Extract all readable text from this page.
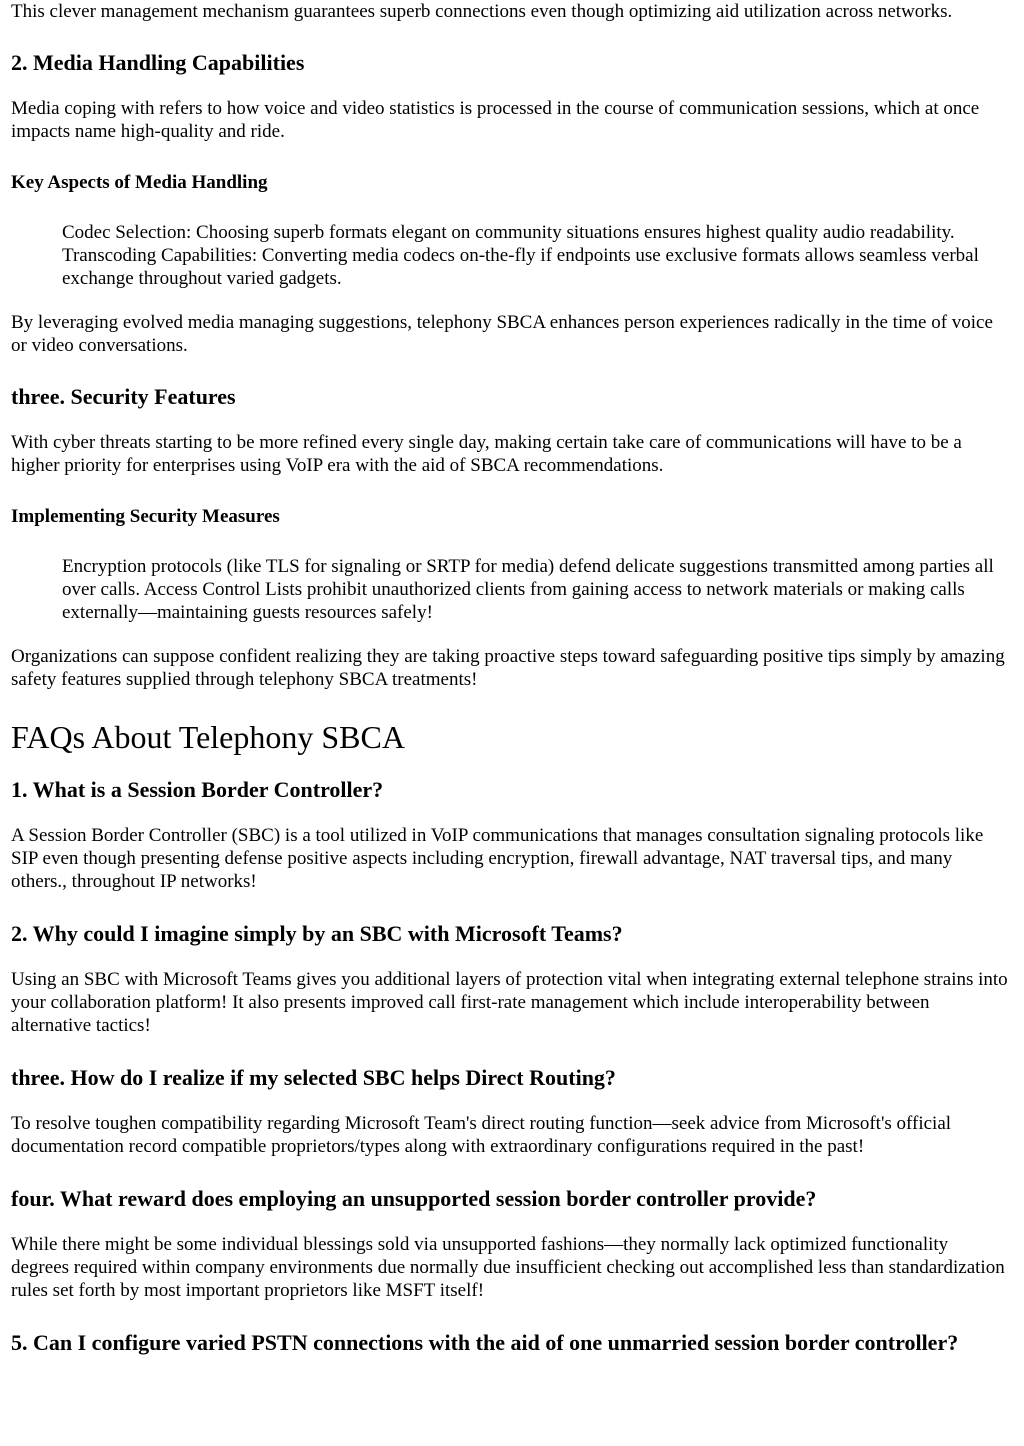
This clever management mechanism guarantees superb connections even though optimizing aid utilization across networks.

2. Media Handling Capabilities

Media coping with refers to how voice and video statistics is processed in the course of communication sessions, which at once impacts name high-quality and ride.

Key Aspects of Media Handling
Codec Selection: Choosing superb formats elegant on community situations ensures highest quality audio readability. Transcoding Capabilities: Converting media codecs on-the-fly if endpoints use exclusive formats allows seamless verbal exchange throughout varied gadgets.

By leveraging evolved media managing suggestions, telephony SBCA enhances person experiences radically in the time of voice or video conversations.

three. Security Features

With cyber threats starting to be more refined every single day, making certain take care of communications will have to be a higher priority for enterprises using VoIP era with the aid of SBCA recommendations.

Implementing Security Measures
Encryption protocols (like TLS for signaling or SRTP for media) defend delicate suggestions transmitted among parties all over calls. Access Control Lists prohibit unauthorized clients from gaining access to network materials or making calls externally—maintaining guests resources safely!

Organizations can suppose confident realizing they are taking proactive steps toward safeguarding positive tips simply by amazing safety features supplied through telephony SBCA treatments!

FAQs About Telephony SBCA
1. What is a Session Border Controller?

A Session Border Controller (SBC) is a tool utilized in VoIP communications that manages consultation signaling protocols like SIP even though presenting defense positive aspects including encryption, firewall advantage, NAT traversal tips, and many others., throughout IP networks!

2. Why could I imagine simply by an SBC with Microsoft Teams?

Using an SBC with Microsoft Teams gives you additional layers of protection vital when integrating external telephone strains into your collaboration platform! It also presents improved call first-rate management which include interoperability between alternative tactics!

three. How do I realize if my selected SBC helps Direct Routing?

To resolve toughen compatibility regarding Microsoft Team's direct routing function—seek advice from Microsoft's official documentation record compatible proprietors/types along with extraordinary configurations required in the past!

four. What reward does employing an unsupported session border controller provide?

While there might be some individual blessings sold via unsupported fashions—they normally lack optimized functionality degrees required within company environments due normally due insufficient checking out accomplished less than standardization rules set forth by most important proprietors like MSFT itself!

5. Can I configure varied PSTN connections with the aid of one unmarried session border controller?
